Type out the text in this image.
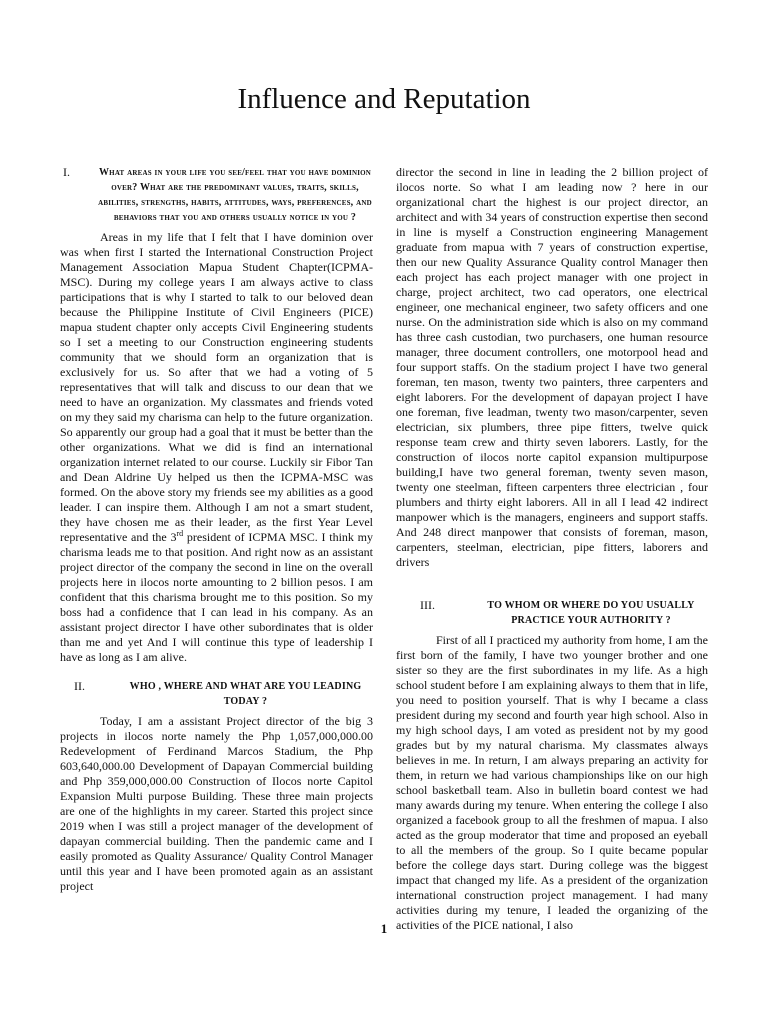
Influence and Reputation
I.	What areas in your life you see/feel that you have dominion over? What are the predominant values, traits, skills, abilities, strengths, habits, attitudes, ways, preferences, and behaviors that you and others usually notice in you ?

Areas in my life that I felt that I have dominion over was when first I started the International Construction Project Management Association Mapua Student Chapter(ICPMA-MSC). During my college years I am always active to class participations that is why I started to talk to our beloved dean because the Philippine Institute of Civil Engineers (PICE) mapua student chapter only accepts Civil Engineering students so I set a meeting to our Construction engineering students community that we should form an organization that is exclusively for us. So after that we had a voting of 5 representatives that will talk and discuss to our dean that we need to have an organization. My classmates and friends voted on my they said my charisma can help to the future organization. So apparently our group had a goal that it must be better than the other organizations. What we did is find an international organization internet related to our course. Luckily sir Fibor Tan and Dean Aldrine Uy helped us then the ICPMA-MSC was formed. On the above story my friends see my abilities as a good leader. I can inspire them. Although I am not a smart student, they have chosen me as their leader, as the first Year Level representative and the 3rd president of ICPMA MSC. I think my charisma leads me to that position. And right now as an assistant project director of the company the second in line on the overall projects here in ilocos norte amounting to 2 billion pesos. I am confident that this charisma brought me to this position. So my boss had a confidence that I can lead in his company. As an assistant project director I have other subordinates that is older than me and yet And I will continue this type of leadership I have as long as I am alive.

II.	WHO , WHERE AND WHAT ARE YOU LEADING TODAY ?

Today, I am a assistant Project director of the big 3 projects in ilocos norte namely the Php 1,057,000,000.00 Redevelopment of Ferdinand Marcos Stadium, the Php 603,640,000.00 Development of Dapayan Commercial building and Php 359,000,000.00 Construction of Ilocos norte Capitol Expansion Multi purpose Building. These three main projects are one of the highlights in my career. Started this project since 2019 when I was still a project manager of the development of dapayan commercial building. Then the pandemic came and I easily promoted as Quality Assurance/ Quality Control Manager until this year and I have been promoted again as an assistant project

director the second in line in leading the 2 billion project of ilocos norte. So what I am leading now ? here in our organizational chart the highest is our project director, an architect and with 34 years of construction expertise then second in line is myself a Construction engineering Management graduate from mapua with 7 years of construction expertise, then our new Quality Assurance Quality control Manager then each project has each project manager with one project in charge, project architect, two cad operators, one electrical engineer, one mechanical engineer, two safety officers and one nurse. On the administration side which is also on my command has three cash custodian, two purchasers, one human resource manager, three document controllers, one motorpool head and four support staffs. On the stadium project I have two general foreman, ten mason, twenty two painters, three carpenters and eight laborers. For the development of dapayan project I have one foreman, five leadman, twenty two mason/carpenter, seven electrician, six plumbers, three pipe fitters, twelve quick response team crew and thirty seven laborers. Lastly, for the construction of ilocos norte capitol expansion multipurpose building,I have two general foreman, twenty seven mason, twenty one steelman, fifteen carpenters three electrician , four plumbers and thirty eight laborers. All in all I lead 42 indirect manpower which is the managers, engineers and support staffs. And 248 direct manpower that consists of foreman, mason, carpenters, steelman, electrician, pipe fitters, laborers and drivers

III.	TO WHOM OR WHERE DO YOU USUALLY PRACTICE YOUR AUTHORITY ?

First of all I practiced my authority from home, I am the first born of the family, I have two younger brother and one sister so they are the first subordinates in my life. As a high school student before I am explaining always to them that in life, you need to position yourself. That is why I became a class president during my second and fourth year high school. Also in my high school days, I am voted as president not by my good grades but by my natural charisma. My classmates always believes in me. In return, I am always preparing an activity for them, in return we had various championships like on our high school basketball team. Also in bulletin board contest we had many awards during my tenure. When entering the college I also organized a facebook group to all the freshmen of mapua. I also acted as the group moderator that time and proposed an eyeball to all the members of the group. So I quite became popular before the college days start. During college was the biggest impact that changed my life. As a president of the organization international construction project management. I had many activities during my tenure, I leaded the organizing of the activities of the PICE national, I also

1
